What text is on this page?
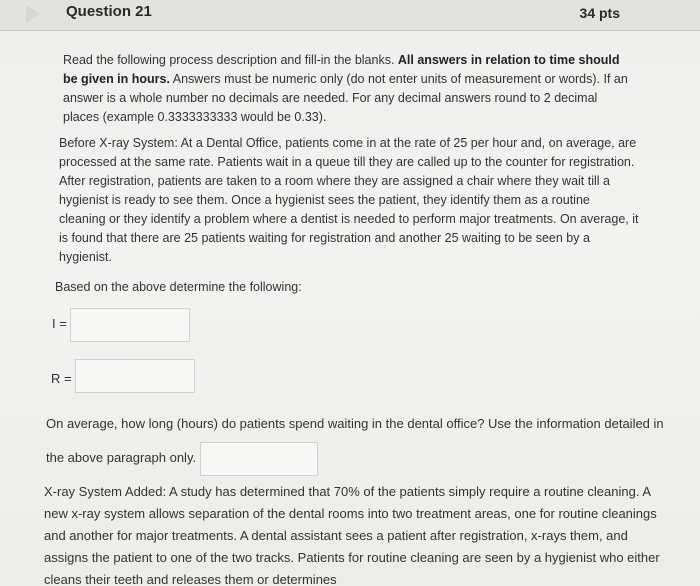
Question 21	34 pts
Read the following process description and fill-in the blanks. All answers in relation to time should be given in hours. Answers must be numeric only (do not enter units of measurement or words). If an answer is a whole number no decimals are needed. For any decimal answers round to 2 decimal places (example 0.3333333333 would be 0.33).
Before X-ray System: At a Dental Office, patients come in at the rate of 25 per hour and, on average, are processed at the same rate. Patients wait in a queue till they are called up to the counter for registration. After registration, patients are taken to a room where they are assigned a chair where they wait till a hygienist is ready to see them. Once a hygienist sees the patient, they identify them as a routine cleaning or they identify a problem where a dentist is needed to perform major treatments. On average, it is found that there are 25 patients waiting for registration and another 25 waiting to be seen by a hygienist.
Based on the above determine the following:
I =
R =
On average, how long (hours) do patients spend waiting in the dental office? Use the information detailed in the above paragraph only.
X-ray System Added: A study has determined that 70% of the patients simply require a routine cleaning. A new x-ray system allows separation of the dental rooms into two treatment areas, one for routine cleanings and another for major treatments. A dental assistant sees a patient after registration, x-rays them, and assigns the patient to one of the two tracks. Patients for routine cleaning are seen by a hygienist who either cleans their teeth and releases them or determines
